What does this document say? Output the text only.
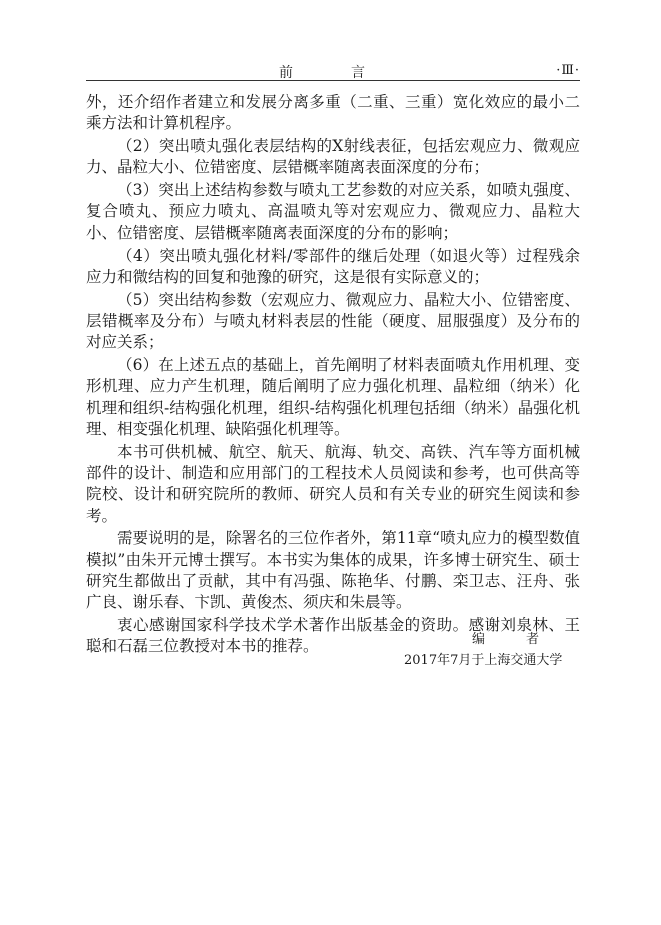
前　言	·Ⅲ·

外，还介绍作者建立和发展分离多重（二重、三重）宽化效应的最小二乘方法和计算机程序。

（2）突出喷丸强化表层结构的X射线表征，包括宏观应力、微观应力、晶粒大小、位错密度、层错概率随离表面深度的分布；

（3）突出上述结构参数与喷丸工艺参数的对应关系，如喷丸强度、复合喷丸、预应力喷丸、高温喷丸等对宏观应力、微观应力、晶粒大小、位错密度、层错概率随离表面深度的分布的影响；

（4）突出喷丸强化材料/零部件的继后处理（如退火等）过程残余应力和微结构的回复和弛豫的研究，这是很有实际意义的；

（5）突出结构参数（宏观应力、微观应力、晶粒大小、位错密度、层错概率及分布）与喷丸材料表层的性能（硬度、屈服强度）及分布的对应关系；

（6）在上述五点的基础上，首先阐明了材料表面喷丸作用机理、变形机理、应力产生机理，随后阐明了应力强化机理、晶粒细（纳米）化机理和组织-结构强化机理，组织-结构强化机理包括细（纳米）晶强化机理、相变强化机理、缺陷强化机理等。

本书可供机械、航空、航天、航海、轨交、高铁、汽车等方面机械部件的设计、制造和应用部门的工程技术人员阅读和参考，也可供高等院校、设计和研究院所的教师、研究人员和有关专业的研究生阅读和参考。

需要说明的是，除署名的三位作者外，第11章“喷丸应力的模型数值模拟”由朱开元博士撰写。本书实为集体的成果，许多博士研究生、硕士研究生都做出了贡献，其中有冯强、陈艳华、付鹏、栾卫志、汪舟、张广良、谢乐春、卞凯、黄俊杰、须庆和朱晨等。

衷心感谢国家科学技术学术著作出版基金的资助。感谢刘泉林、王聪和石磊三位教授对本书的推荐。	编　者
2017年7月于上海交通大学
